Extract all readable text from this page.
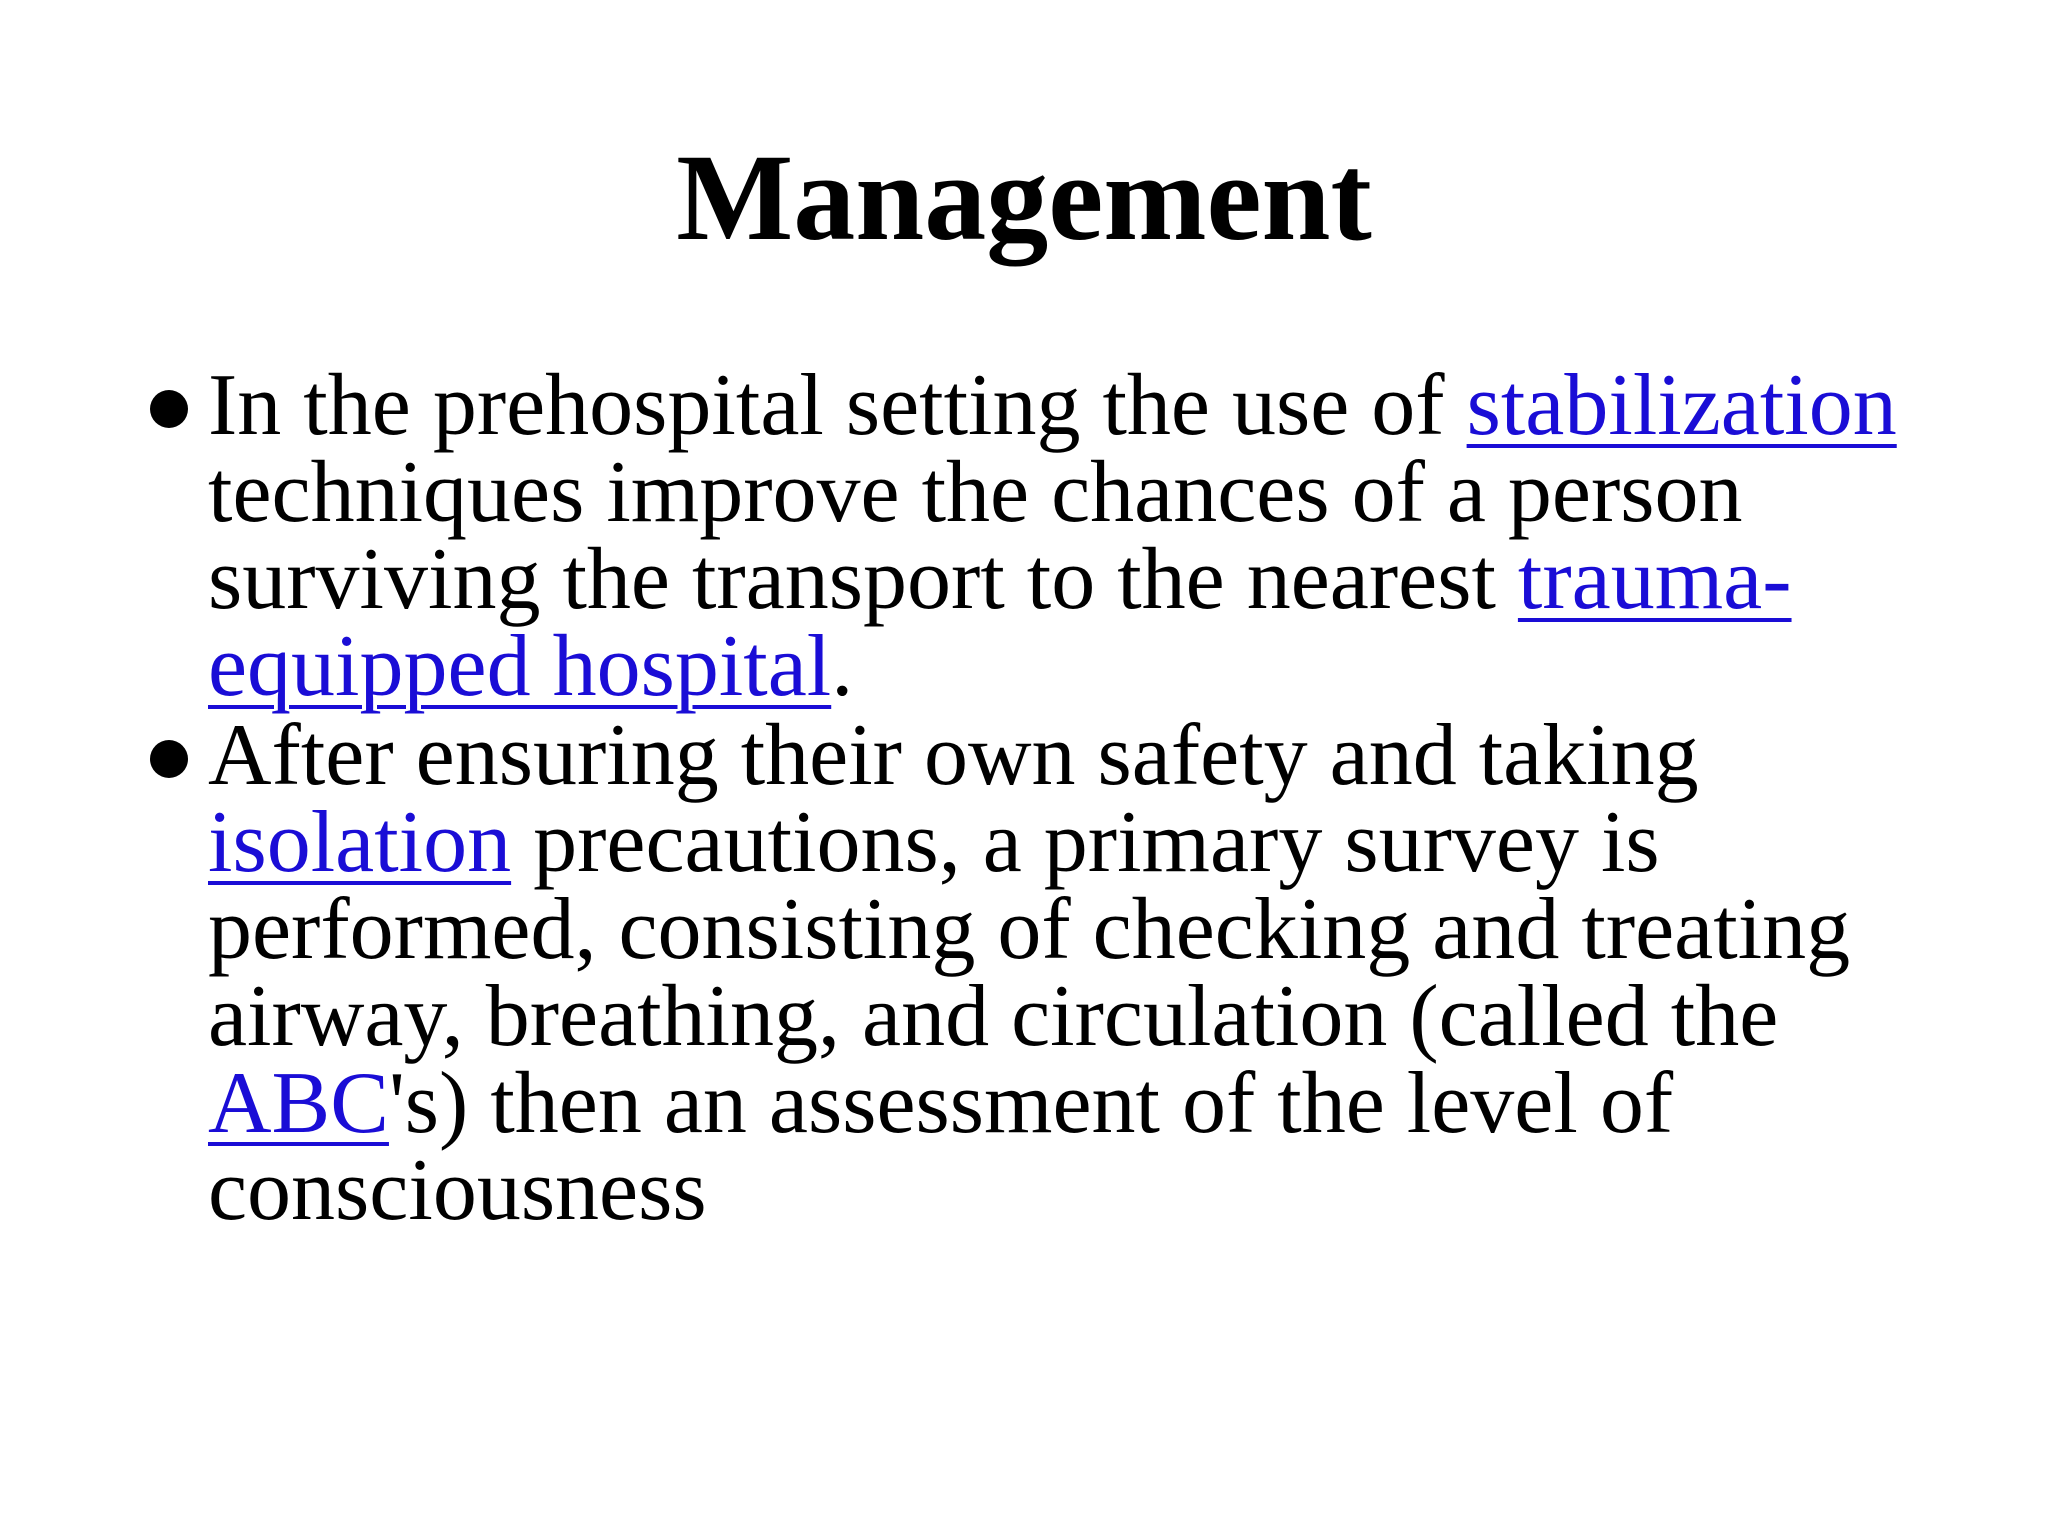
Management
In the prehospital setting the use of stabilization techniques improve the chances of a person surviving the transport to the nearest trauma-equipped hospital.
After ensuring their own safety and taking isolation precautions, a primary survey is performed, consisting of checking and treating airway, breathing, and circulation (called the ABC's) then an assessment of the level of consciousness
